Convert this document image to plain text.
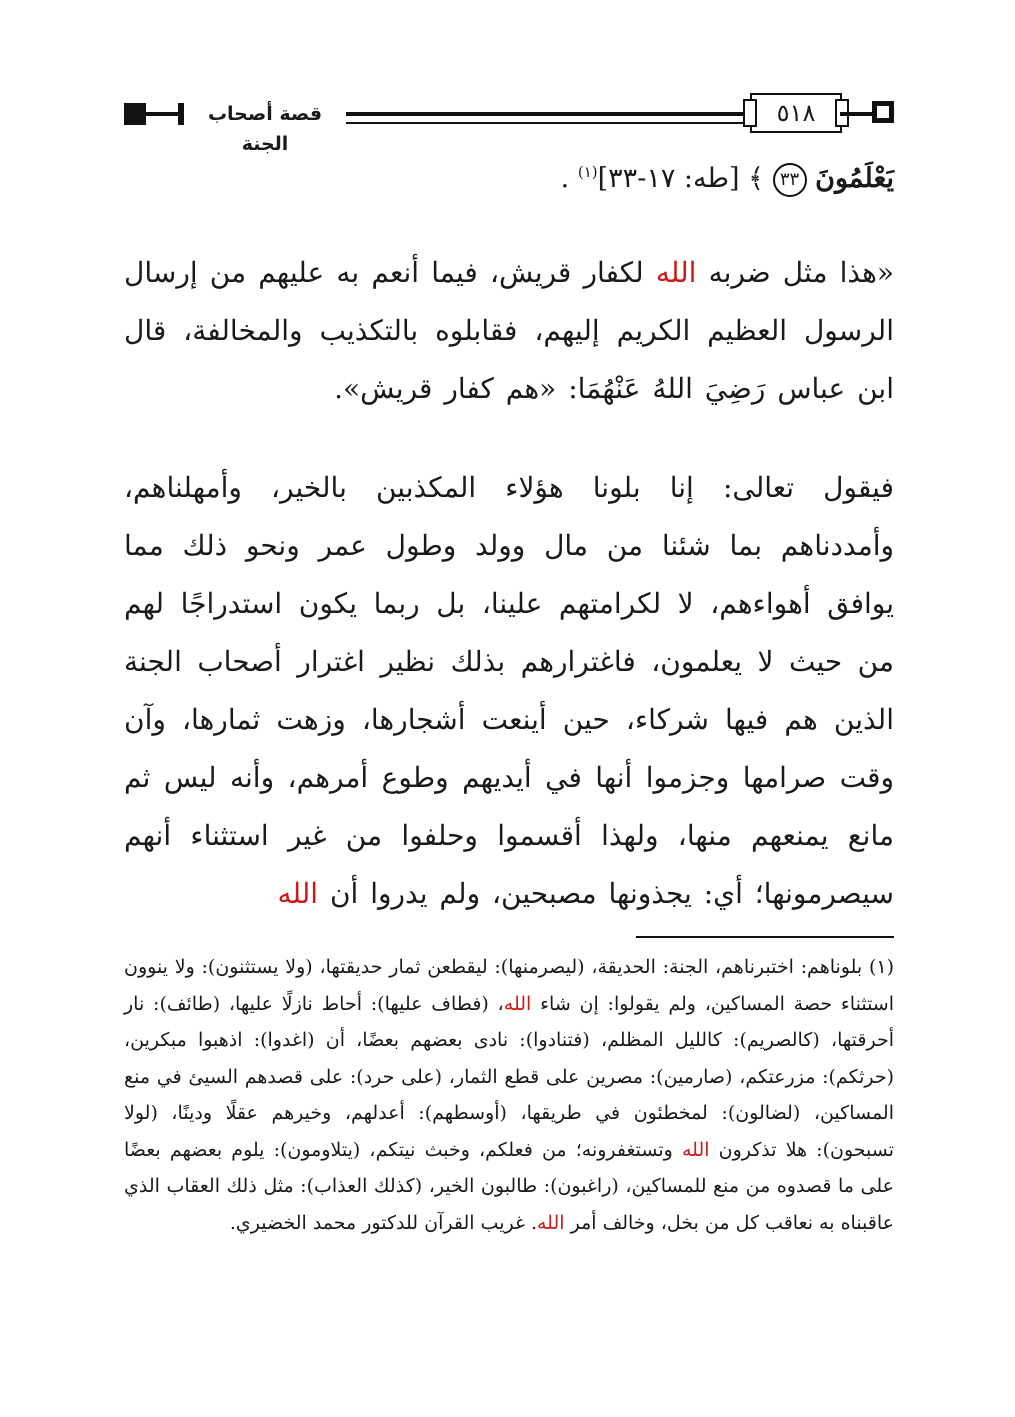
قصة أصحاب الجنة
٥١٨
يَعْلَمُونَ ٣٣ ﴾ [طه: ١٧-٣٣]$^{(١)}$ .
«هذا مثل ضربه الله لكفار قريش، فيما أنعم به عليهم من إرسال الرسول العظيم الكريم إليهم، فقابلوه بالتكذيب والمخالفة، قال ابن عباس رَضِيَ اللهُ عَنْهُمَا: «هم كفار قريش».
فيقول تعالى: إنا بلونا هؤلاء المكذبين بالخير، وأمهلناهم، وأمددناهم بما شئنا من مال وولد وطول عمر ونحو ذلك مما يوافق أهواءهم، لا لكرامتهم علينا، بل ربما يكون استدراجًا لهم من حيث لا يعلمون، فاغترارهم بذلك نظير اغترار أصحاب الجنة الذين هم فيها شركاء، حين أينعت أشجارها، وزهت ثمارها، وآن وقت صرامها وجزموا أنها في أيديهم وطوع أمرهم، وأنه ليس ثم مانع يمنعهم منها، ولهذا أقسموا وحلفوا من غير استثناء أنهم سيصرمونها؛ أي: يجذونها مصبحين، ولم يدروا أن الله
(١) بلوناهم: اختبرناهم، الجنة: الحديقة، (ليصرمنها): ليقطعن ثمار حديقتها، (ولا يستثنون): ولا ينوون استثناء حصة المساكين، ولم يقولوا: إن شاء الله، (فطاف عليها): أحاط نازلًا عليها، (طائف): نار أحرقتها، (كالصريم): كالليل المظلم، (فتنادوا): نادى بعضهم بعضًا، أن (اغدوا): اذهبوا مبكرين، (حرثكم): مزرعتكم، (صارمين): مصرين على قطع الثمار، (على حرد): على قصدهم السيئ في منع المساكين، (لضالون): لمخطئون في طريقها، (أوسطهم): أعدلهم، وخيرهم عقلًا ودينًا، (لولا تسبحون): هلا تذكرون الله وتستغفرونه؛ من فعلكم، وخبث نيتكم، (يتلاومون): يلوم بعضهم بعضًا على ما قصدوه من منع للمساكين، (راغبون): طالبون الخير، (كذلك العذاب): مثل ذلك العقاب الذي عاقبناه به نعاقب كل من بخل، وخالف أمر الله. غريب القرآن للدكتور محمد الخضيري.
